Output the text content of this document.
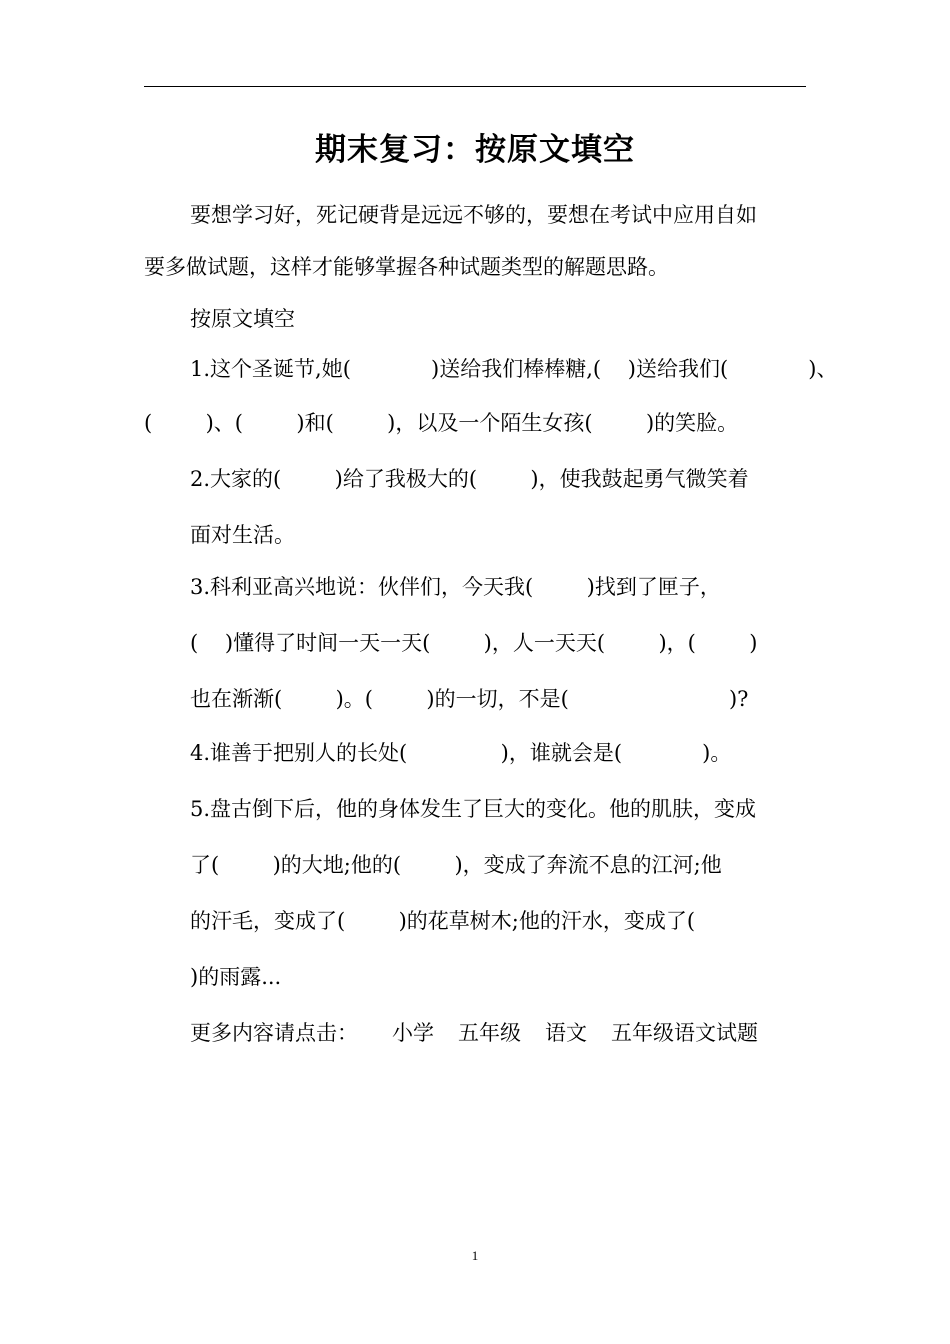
期末复习：按原文填空
要想学习好，死记硬背是远远不够的，要想在考试中应用自如
要多做试题，这样才能够掌握各种试题类型的解题思路。
按原文填空
1.这个圣诞节,她(            )送给我们棒棒糖,(    )送给我们(            )、
(        )、(        )和(        )，以及一个陌生女孩(        )的笑脸。
2.大家的(        )给了我极大的(        )，使我鼓起勇气微笑着
面对生活。
3.科利亚高兴地说：伙伴们，今天我(        )找到了匣子，
(    )懂得了时间一天一天(        )，人一天天(        )，(        )
也在渐渐(        )。(        )的一切，不是(                        )?
4.谁善于把别人的长处(              )，谁就会是(            )。
5.盘古倒下后，他的身体发生了巨大的变化。他的肌肤，变成
了(        )的大地;他的(        )，变成了奔流不息的江河;他
的汗毛，变成了(        )的花草树木;他的汗水，变成了(
)的雨露...
更多内容请点击： 小学 五年级 语文 五年级语文试题
1
